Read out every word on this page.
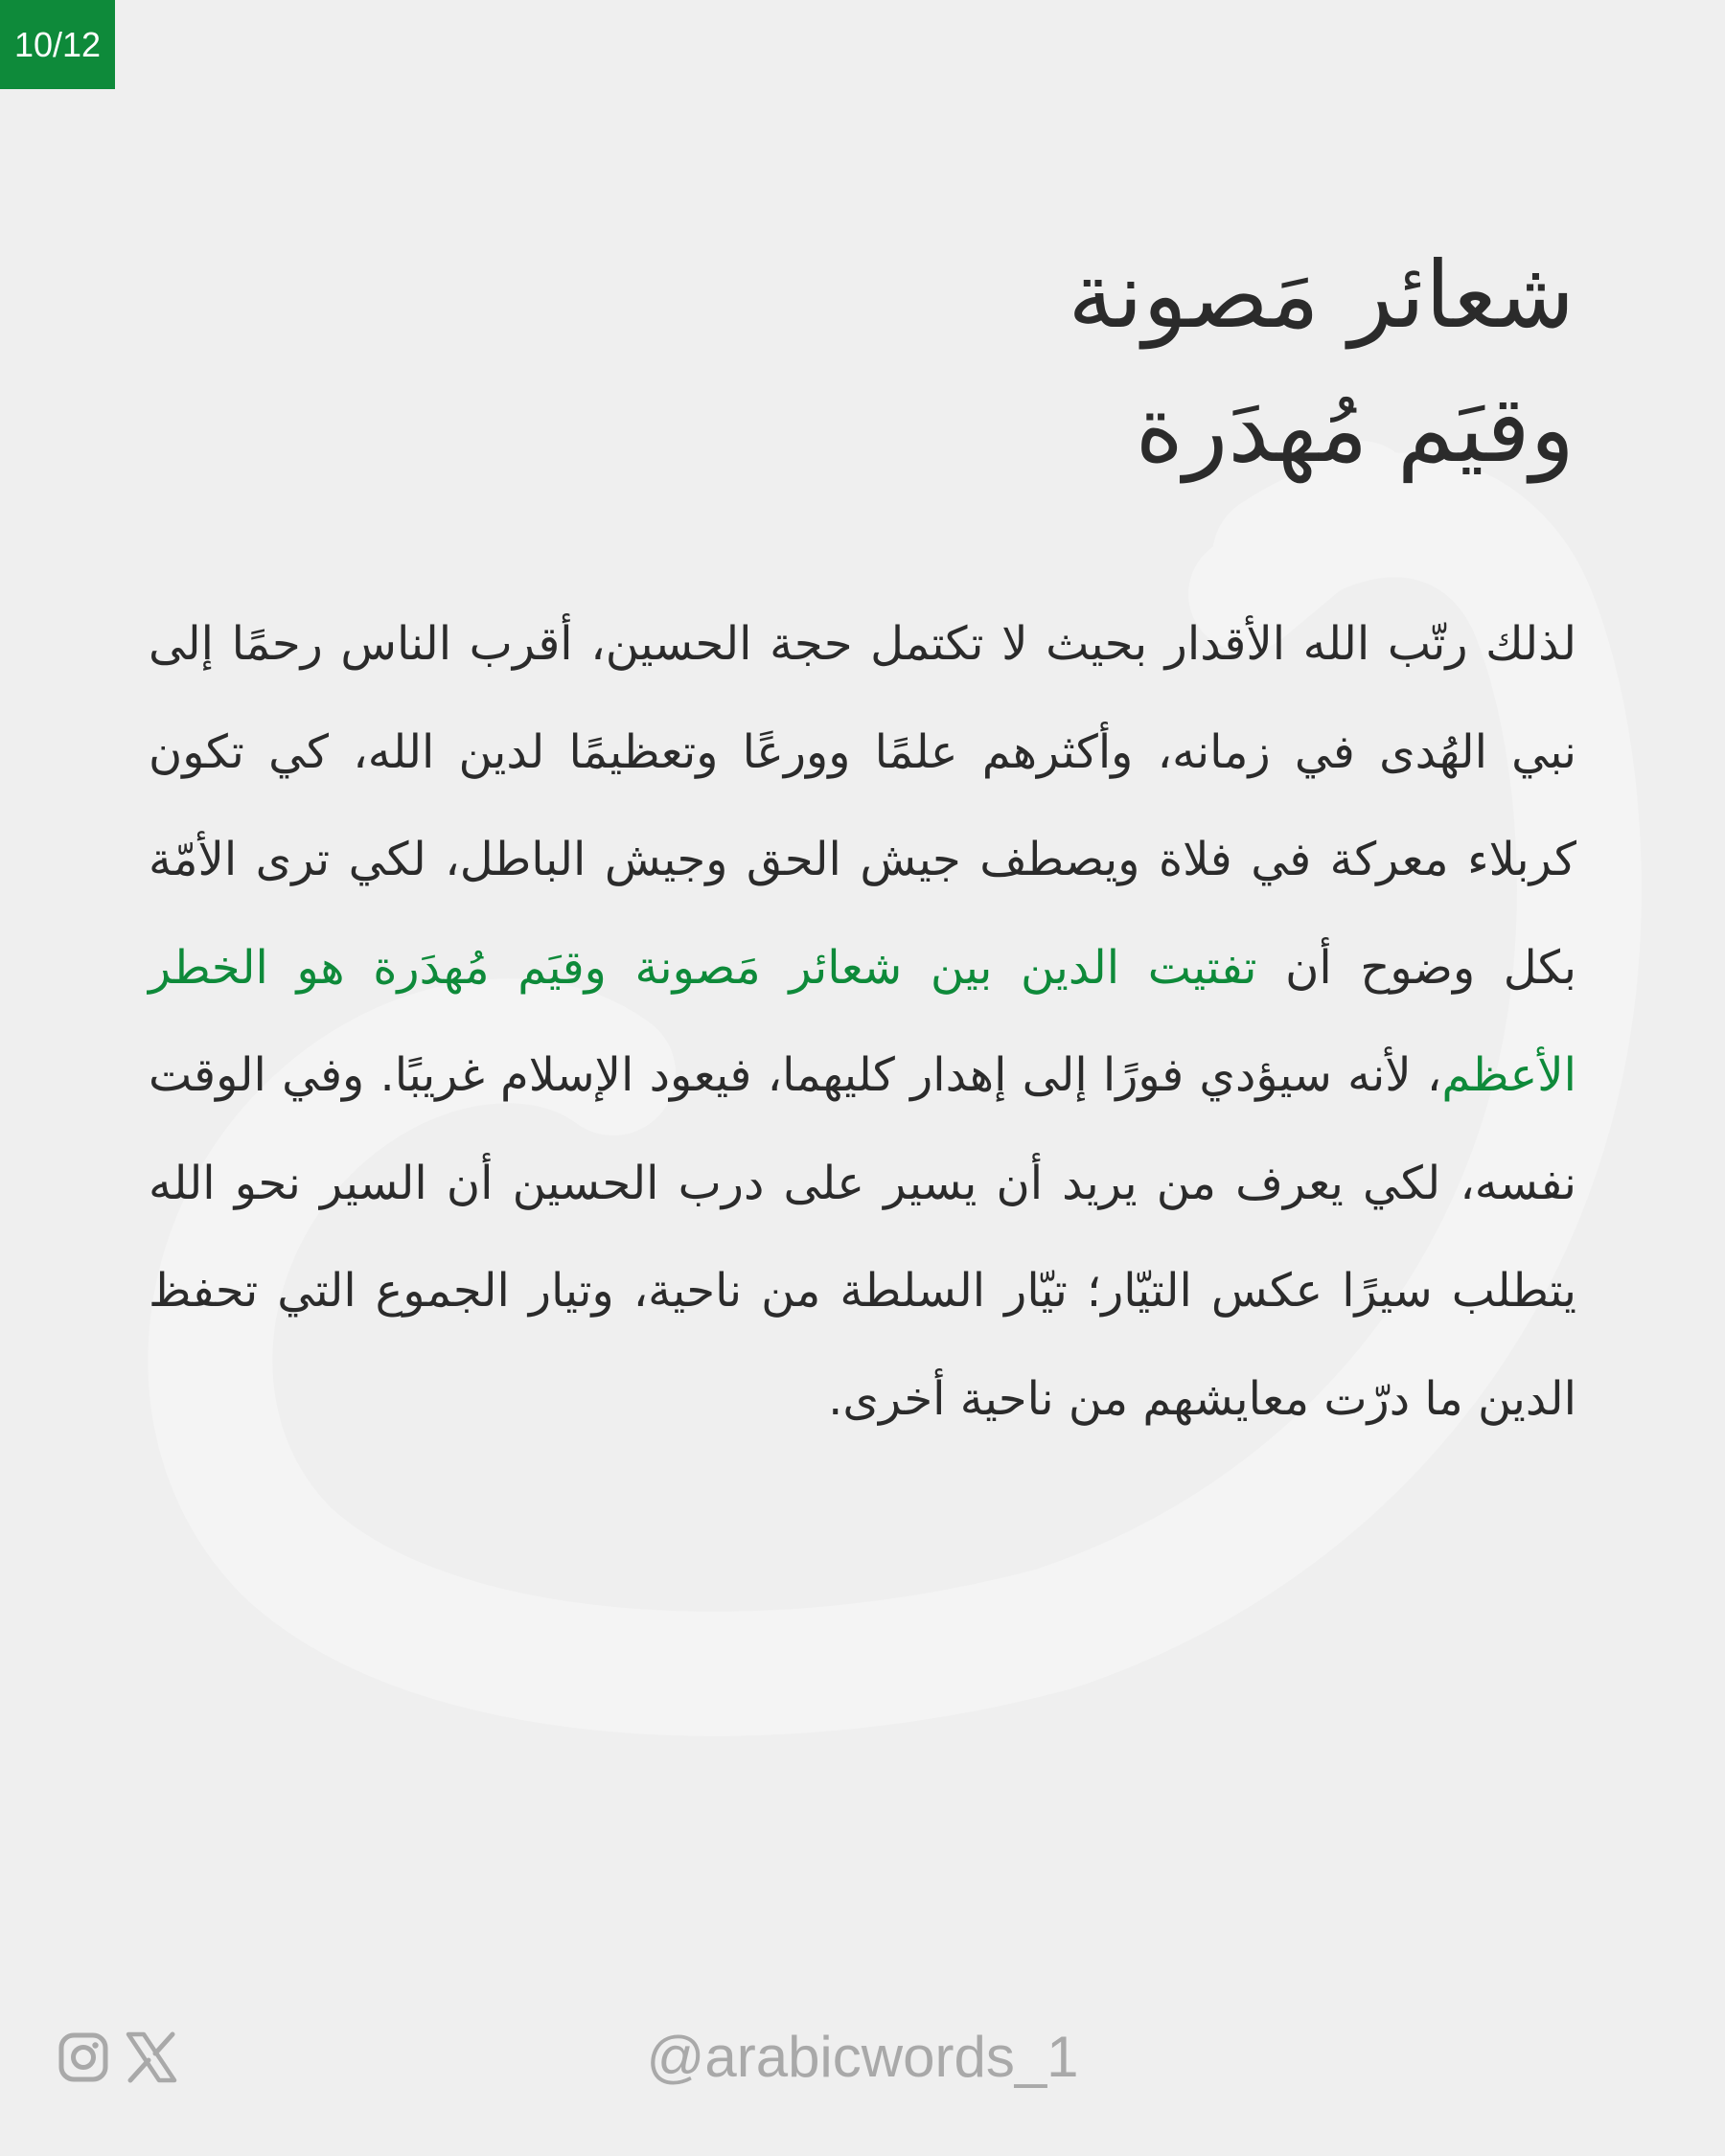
10/12
شعائر مَصونة
وقيَم مُهدَرة

لذلك رتّب الله الأقدار بحيث لا تكتمل حجة الحسين، أقرب الناس رحمًا إلى نبي الهُدى في زمانه، وأكثرهم علمًا وورعًا وتعظيمًا لدين الله، كي تكون كربلاء معركة في فلاة ويصطف جيش الحق وجيش الباطل، لكي ترى الأمّة بكل وضوح أن تفتيت الدين بين شعائر مَصونة وقيَم مُهدَرة هو الخطر الأعظم، لأنه سيؤدي فورًا إلى إهدار كليهما، فيعود الإسلام غريبًا. وفي الوقت نفسه، لكي يعرف من يريد أن يسير على درب الحسين أن السير نحو الله يتطلب سيرًا عكس التيّار؛ تيّار السلطة من ناحية، وتيار الجموع التي تحفظ الدين ما درّت معايشهم من ناحية أخرى.

@arabicwords_1
